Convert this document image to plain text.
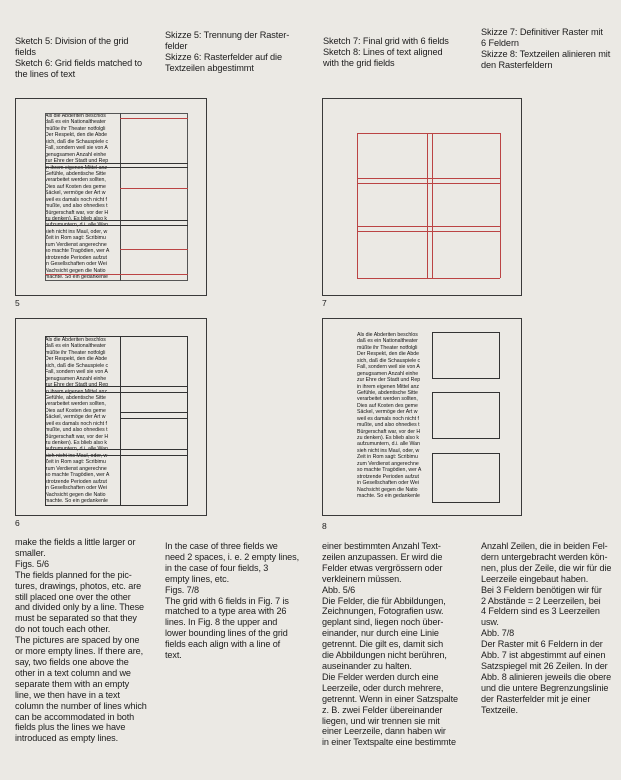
Sketch 5: Division of the grid

fields

Sketch 6: Grid fields matched to

the lines of text

Skizze 5: Trennung der Raster-

felder

Skizze 6: Rasterfelder auf die

Textzeilen abgestimmt

Sketch 7: Final grid with 6 fields

Sketch 8: Lines of text aligned

with the grid fields

Skizze 7: Definitiver Raster mit

6 Feldern

Skizze 8: Textzeilen alinieren mit

den Rasterfeldern

Als die Abderiten beschlos
daß es ein Nationaltheater
müßte ihr Theater notfolgli
Der Respekt, den die Abde
sich, daß die Schauspiele c
Fall, sondern weil sie von A
genugsamen Anzahl einhe
zur Ehre der Stadt und Rep
in ihrem eigenen Mittel anz
Gefühle, abdentische Sitte
verarbeitet werden sollten,
Dies auf Kosten des geme
Säckel, vermöge der Art w
weil es damals noch nicht f
mußte, und also ohnedies t
Bürgerschaft war, vor der H
zu denken). Es blieb also k
aufzumuntern, d.i. alle Wan
sieh nicht ins Maul, oder, w
Zeit in Rom sagt: Scribimu
zum Verdienst angerechne
so machte Tragödien, wer A
strotzende Perioden aufzut
in Gesellschaften oder Wei
Nachsicht gegen die Natio
machte. So ein gedankenle
5	7
Als die Abderiten beschlos
daß es ein Nationaltheater
müßte ihr Theater notfolgli
Der Respekt, den die Abde
sich, daß die Schauspiele c
Fall, sondern weil sie von A
genugsamen Anzahl einhe
zur Ehre der Stadt und Rep
in ihrem eigenen Mittel anz
Gefühle, abdentische Sitte
verarbeitet werden sollten,
Dies auf Kosten des geme
Säckel, vermöge der Art w
weil es damals noch nicht f
mußte, und also ohnedies t
Bürgerschaft war, vor der H
zu denken). Es blieb also k
aufzumuntern, d.i. alle Wan
sieh nicht ins Maul, oder, w
Zeit in Rom sagt: Scribimu
zum Verdienst angerechne
so machte Tragödien, wer A
strotzende Perioden aufzut
in Gesellschaften oder Wei
Nachsicht gegen die Natio
machte. So ein gedankenle
6
Als die Abderiten beschlos
daß es ein Nationaltheater
müßte ihr Theater notfolgli
Der Respekt, den die Abde
sich, daß die Schauspiele c
Fall, sondern weil sie von A
genugsamen Anzahl einhe
zur Ehre der Stadt und Rep
in ihrem eigenen Mittel anz
Gefühle, abdentische Sitte
verarbeitet werden sollten,
Dies auf Kosten des geme
Säckel, vermöge der Art w
weil es damals noch nicht f
mußte, und also ohnedies t
Bürgerschaft war, vor der H
zu denken). Es blieb also k
aufzumuntern, d.i. alle Wan
sieh nicht ins Maul, oder, w
Zeit in Rom sagt: Scribimu
zum Verdienst angerechne
so machte Tragödien, wer A
strotzende Perioden aufzut
in Gesellschaften oder Wei
Nachsicht gegen die Natio
machte. So ein gedankenle
8

make the fields a little larger or

smaller.

Figs. 5/6

The fields planned for the pic-

tures, drawings, photos, etc. are

still placed one over the other

and divided only by a line. These

must be separated so that they

do not touch each other.

The pictures are spaced by one

or more empty lines. If there are,

say, two fields one above the

other in a text column and we

separate them with an empty

line, we then have in a text

column the number of lines which

can be accommodated in both

fields plus the lines we have

introduced as empty lines.

In the case of three fields we

need 2 spaces, i. e. 2 empty lines,

in the case of four fields, 3

empty lines, etc.

Figs. 7/8

The grid with 6 fields in Fig. 7 is

matched to a type area with 26

lines. In Fig. 8 the upper and

lower bounding lines of the grid

fields each align with a line of

text.

einer bestimmten Anzahl Text-

zeilen anzupassen. Er wird die

Felder etwas vergrössern oder

verkleinern müssen.

Abb. 5/6

Die Felder, die für Abbildungen,

Zeichnungen, Fotografien usw.

geplant sind, liegen noch über-

einander, nur durch eine Linie

getrennt. Die gilt es, damit sich

die Abbildungen nicht berühren,

auseinander zu halten.

Die Felder werden durch eine

Leerzeile, oder durch mehrere,

getrennt. Wenn in einer Satzspalte

z. B. zwei Felder übereinander

liegen, und wir trennen sie mit

einer Leerzeile, dann haben wir

in einer Textspalte eine bestimmte

Anzahl Zeilen, die in beiden Fel-

dern untergebracht werden kön-

nen, plus der Zeile, die wir für die

Leerzeile eingebaut haben.

Bei 3 Feldern benötigen wir für

2 Abstände = 2 Leerzeilen, bei

4 Feldern sind es 3 Leerzeilen

usw.

Abb. 7/8

Der Raster mit 6 Feldern in der

Abb. 7 ist abgestimmt auf einen

Satzspiegel mit 26 Zeilen. In der

Abb. 8 alinieren jeweils die obere

und die untere Begrenzungslinie

der Rasterfelder mit je einer

Textzeile.
